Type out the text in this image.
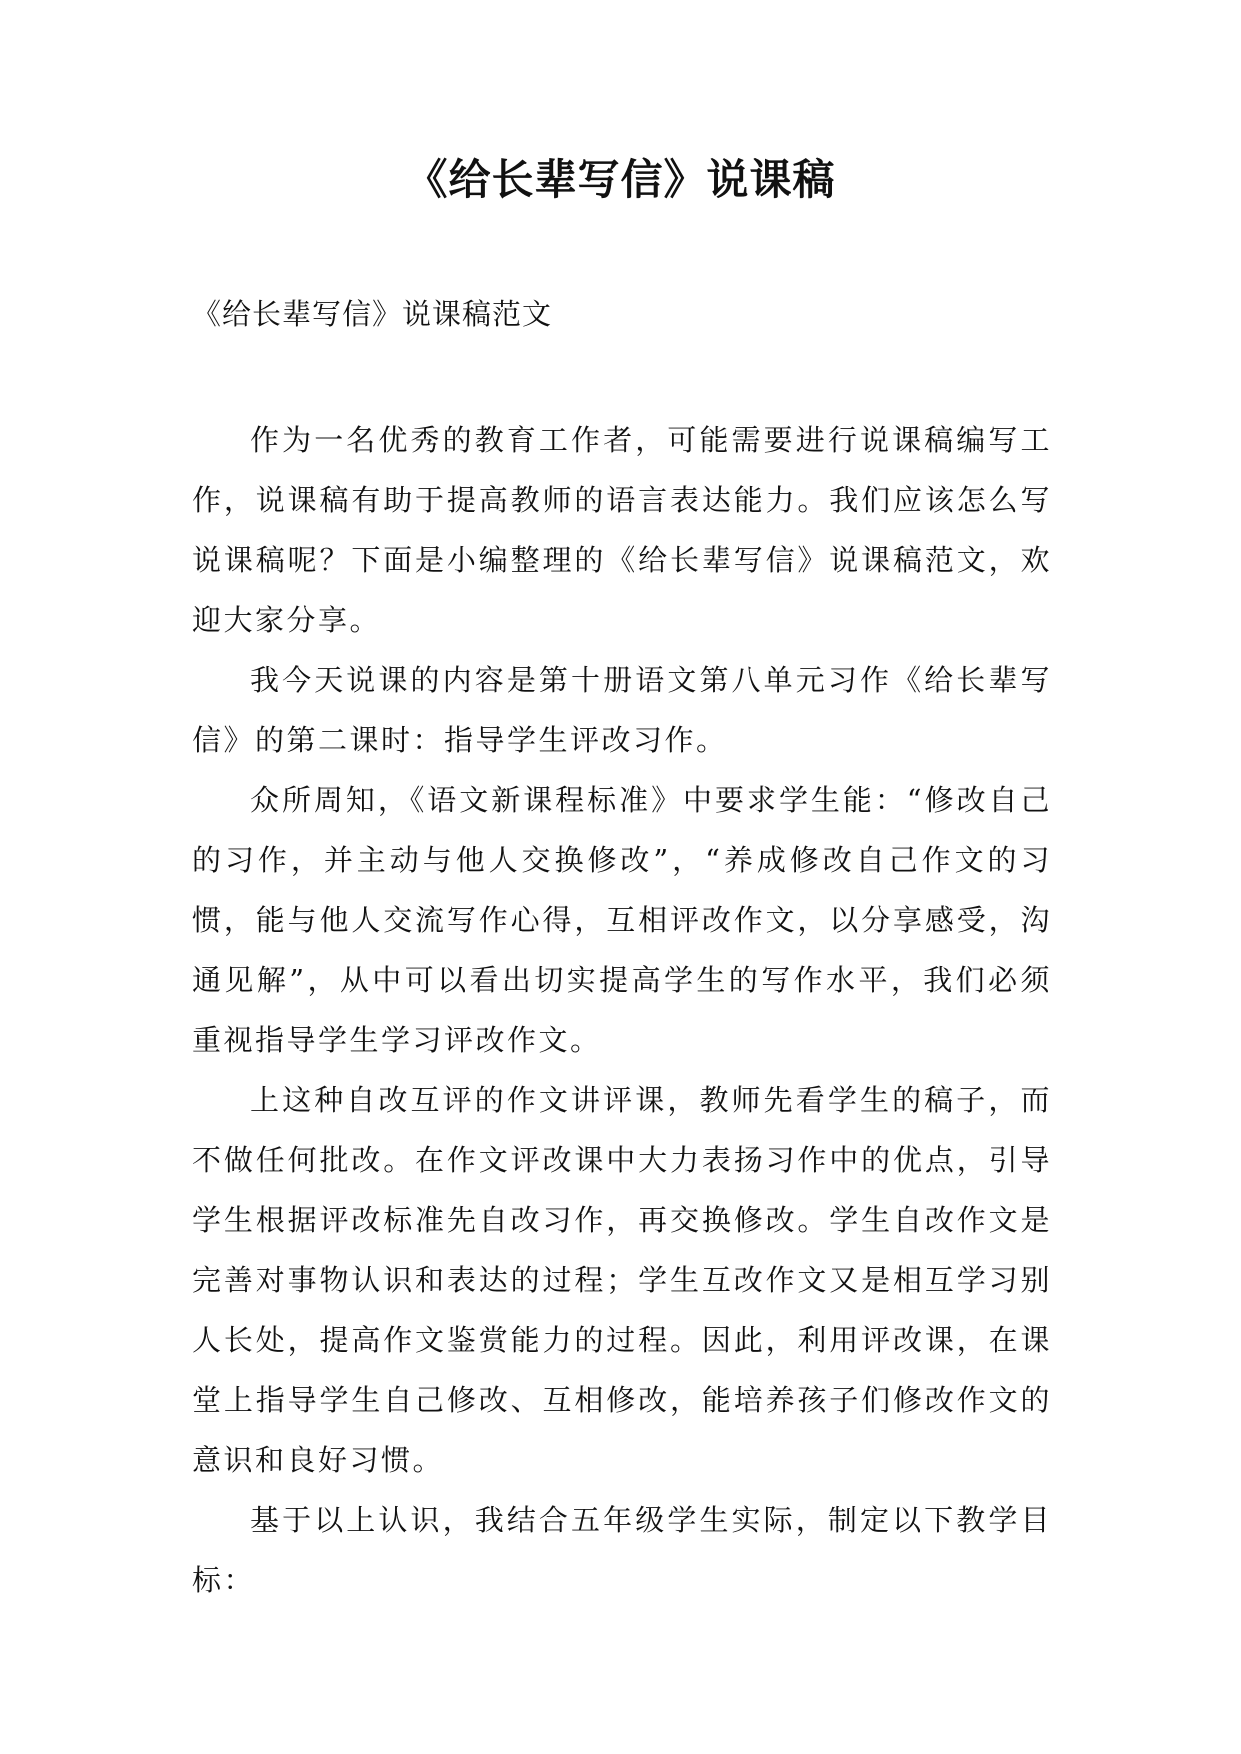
《给长辈写信》说课稿
《给长辈写信》说课稿范文

作为一名优秀的教育工作者，可能需要进行说课稿编写工作，说课稿有助于提高教师的语言表达能力。我们应该怎么写说课稿呢？下面是小编整理的《给长辈写信》说课稿范文，欢迎大家分享。

我今天说课的内容是第十册语文第八单元习作《给长辈写信》的第二课时：指导学生评改习作。

众所周知，《语文新课程标准》中要求学生能：“修改自己的习作，并主动与他人交换修改”，“养成修改自己作文的习惯，能与他人交流写作心得，互相评改作文，以分享感受，沟通见解”，从中可以看出切实提高学生的写作水平，我们必须重视指导学生学习评改作文。

上这种自改互评的作文讲评课，教师先看学生的稿子，而不做任何批改。在作文评改课中大力表扬习作中的优点，引导学生根据评改标准先自改习作，再交换修改。学生自改作文是完善对事物认识和表达的过程；学生互改作文又是相互学习别人长处，提高作文鉴赏能力的过程。因此，利用评改课，在课堂上指导学生自己修改、互相修改，能培养孩子们修改作文的意识和良好习惯。

基于以上认识，我结合五年级学生实际，制定以下教学目标：
